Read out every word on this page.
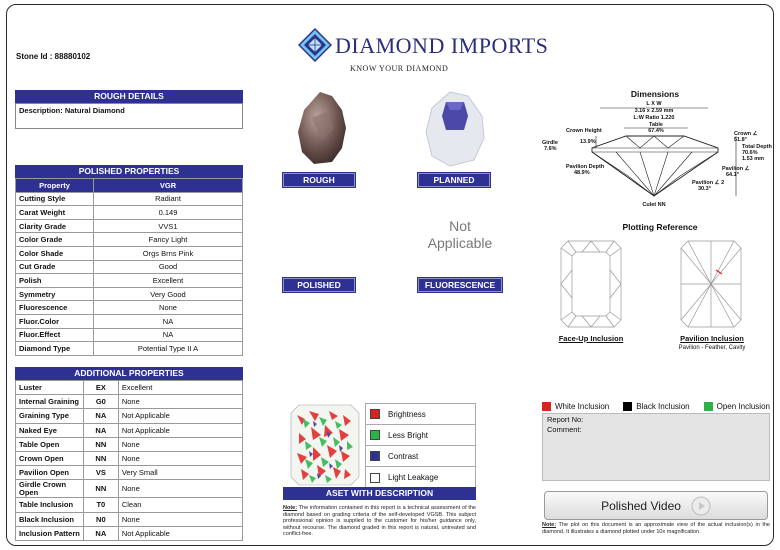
Stone Id : 88880102	DIAMOND IMPORTS
KNOW YOUR DIAMOND
ROUGH DETAILS
Description: Natural Diamond
POLISHED PROPERTIES
Property	VGR
Cutting Style	Radiant
Carat Weight	0.149
Clarity Grade	VVS1
Color Grade	Fancy Light
Color Shade	Orgs Brns Pink
Cut Grade	Good
Polish	Excellent
Symmetry	Very Good
Fluorescence	None
Fluor.Color	NA
Fluor.Effect	NA
Diamond Type	Potential Type II A
ADDITIONAL PROPERTIES
Luster	EX	Excellent
Internal Graining	G0	None
Graining Type	NA	Not Applicable
Naked Eye	NA	Not Applicable
Table Open	NN	None
Crown Open	NN	None
Pavilion Open	VS	Very Small
Girdle Crown Open	NN	None
Table Inclusion	T0	Clean
Black Inclusion	N0	None
Inclusion Pattern	NA	Not Applicable
ROUGH	PLANNED
POLISHED
Not Applicable
FLUORESCENCE
Dimensions
L X W
3.16 x 2.59 mm
L:W Ratio 1.220
Table
67.4%
Crown Height
13.9%
Girdle
7.6%
Crown ∠
51.8°
Total Depth
70.6%
1.53 mm
Pavilion Depth
48.9%
Pavilion ∠
64.1°
Pavilion ∠ 2
30.3°
Culet NN
Plotting Reference
Face-Up Inclusion	Pavilion Inclusion
Pavilion - Feather, Cavity
Brightness
Less Bright
Contrast
Light Leakage
ASET WITH DESCRIPTION
Note: The information contained in this report is a technical assessment of the diamond based on grading criteria of the self-developed VGSB. This subject professional opinion is supplied to the customer for his/her guidance only, without recourse. The diamond graded in this report is natural, untreated and conflict-free.
White Inclusion	Black Inclusion	Open Inclusion
Report No:
Comment:
Polished Video
Note: The plot on this document is an approximate view of the actual inclusion(s) in the diamond. It illustrates a diamond plotted under 10x magnification.
